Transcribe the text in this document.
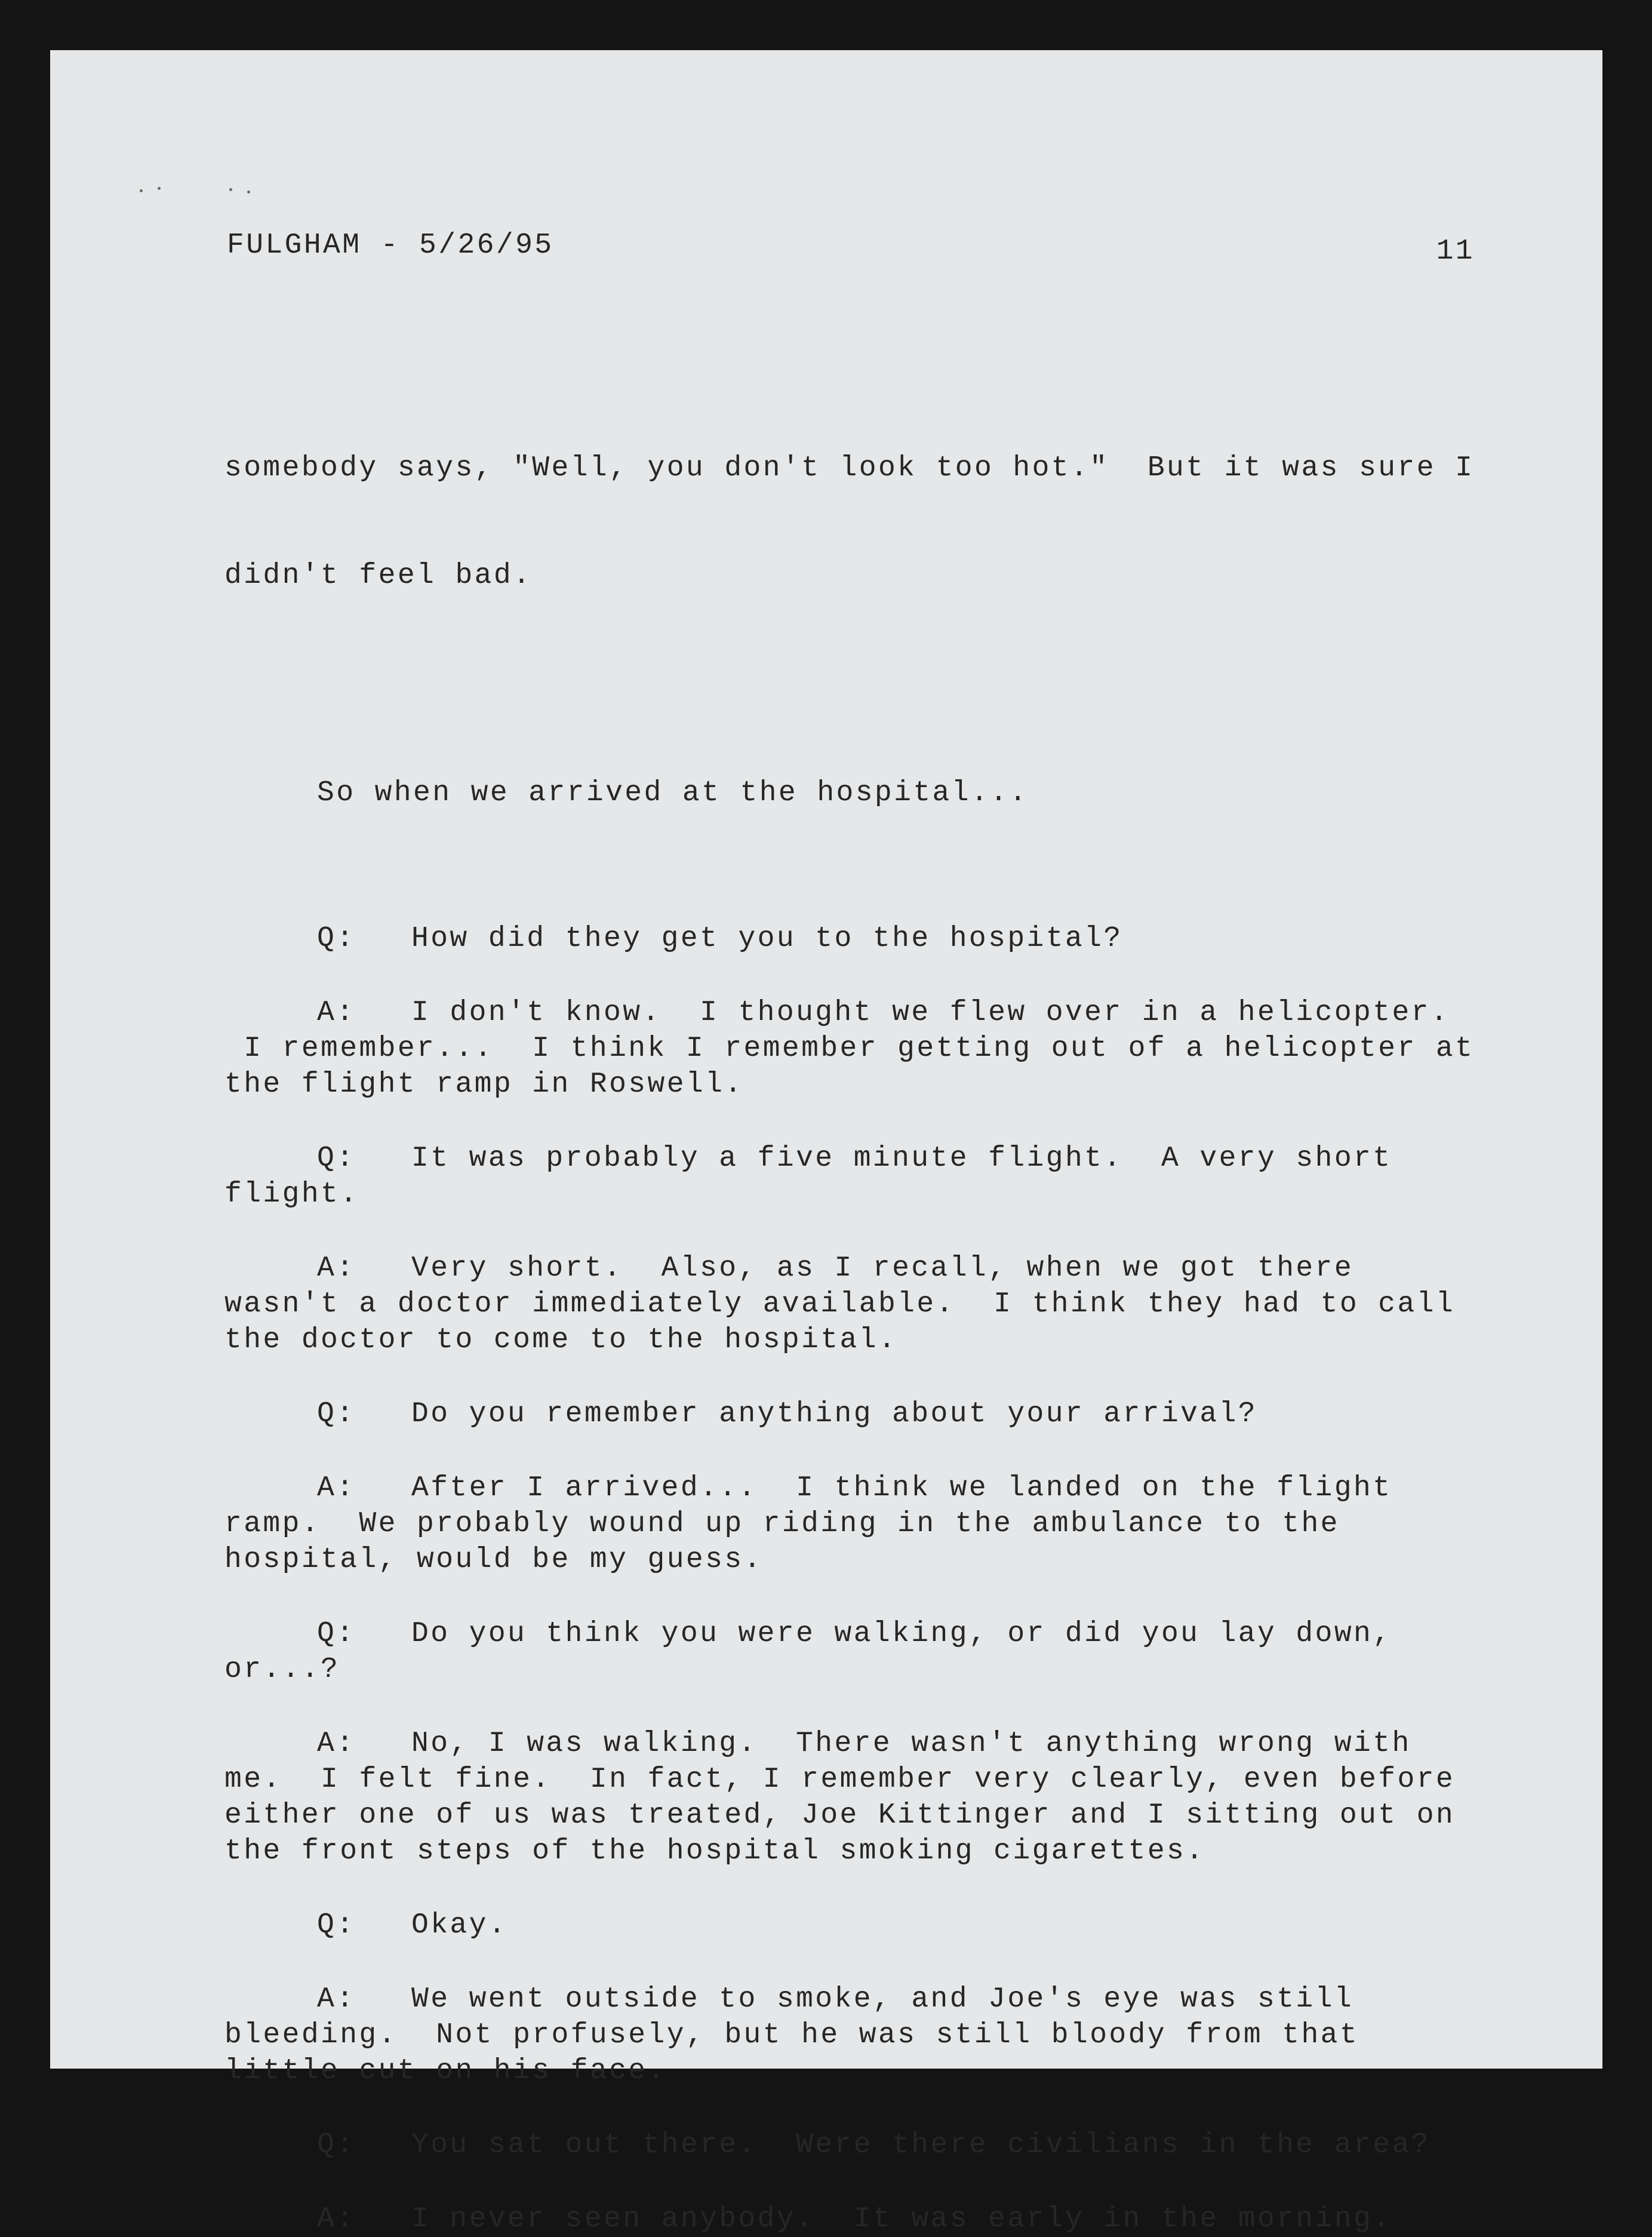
FULGHAM - 5/26/95	11

somebody says, "Well, you don't look too hot."  But it was sure I

didn't feel bad.

So when we arrived at the hospital...

Q:	How did they get you to the hospital?
A:	I don't know.  I thought we flew over in a helicopter.
I remember...  I think I remember getting out of a helicopter at
the flight ramp in Roswell.
Q:	It was probably a five minute flight.  A very short
flight.
A:	Very short.  Also, as I recall, when we got there
wasn't a doctor immediately available.  I think they had to call
the doctor to come to the hospital.
Q:	Do you remember anything about your arrival?
A:	After I arrived...  I think we landed on the flight
ramp.  We probably wound up riding in the ambulance to the
hospital, would be my guess.
Q:	Do you think you were walking, or did you lay down,
or...?
A:	No, I was walking.  There wasn't anything wrong with
me.  I felt fine.  In fact, I remember very clearly, even before
either one of us was treated, Joe Kittinger and I sitting out on
the front steps of the hospital smoking cigarettes.
Q:	Okay.
A:	We went outside to smoke, and Joe's eye was still
bleeding.  Not profusely, but he was still bloody from that
little cut on his face.
Q:	You sat out there.  Were there civilians in the area?
A:	I never seen anybody.  It was early in the morning.
